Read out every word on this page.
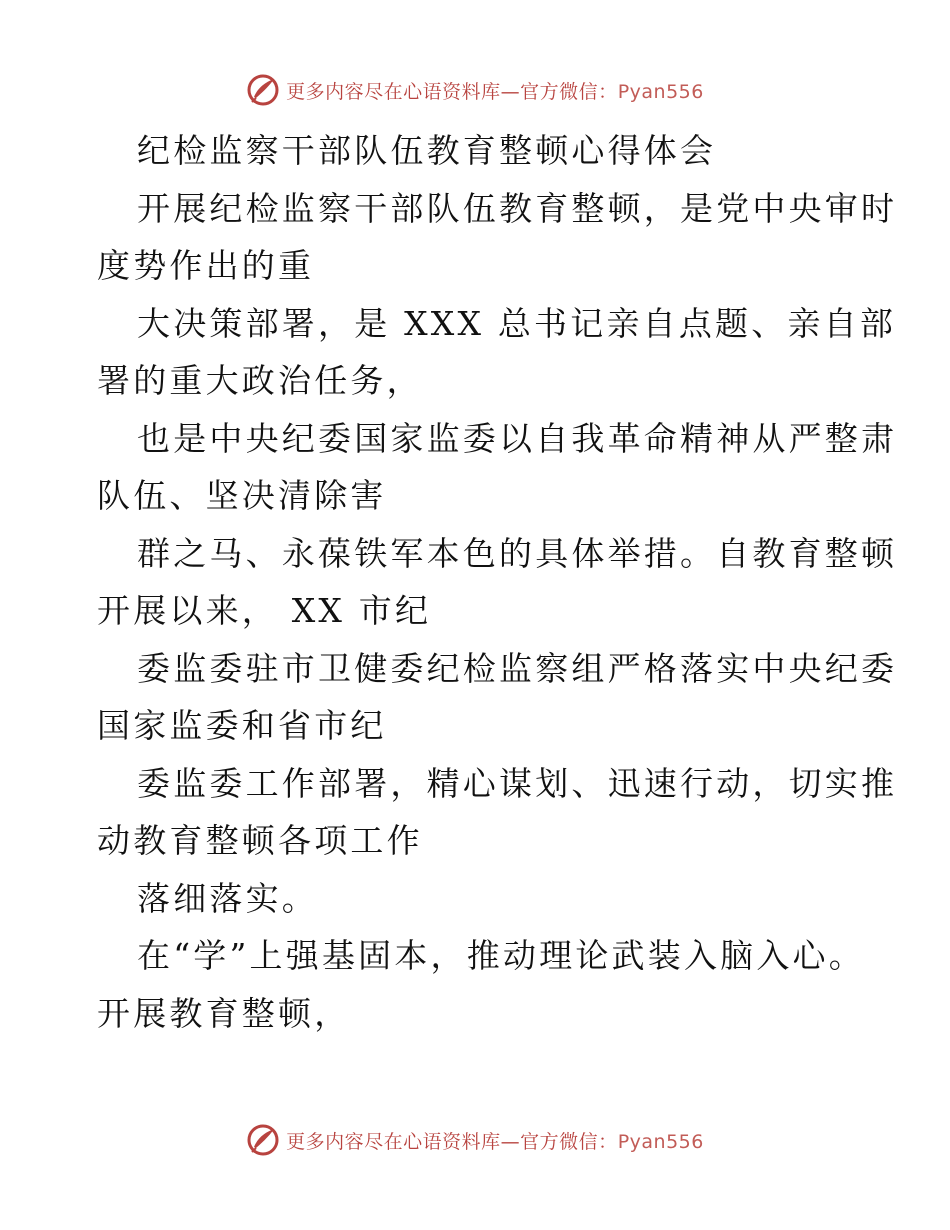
更多内容尽在心语资料库—官方微信：Pyan556
纪检监察干部队伍教育整顿心得体会
开展纪检监察干部队伍教育整顿，是党中央审时
度势作出的重
大决策部署，是 XXX 总书记亲自点题、亲自部
署的重大政治任务，
也是中央纪委国家监委以自我革命精神从严整肃
队伍、坚决清除害
群之马、永葆铁军本色的具体举措。自教育整顿
开展以来， XX 市纪
委监委驻市卫健委纪检监察组严格落实中央纪委
国家监委和省市纪
委监委工作部署，精心谋划、迅速行动，切实推
动教育整顿各项工作
落细落实。
在“学”上强基固本，推动理论武装入脑入心。
开展教育整顿，
更多内容尽在心语资料库—官方微信：Pyan556
